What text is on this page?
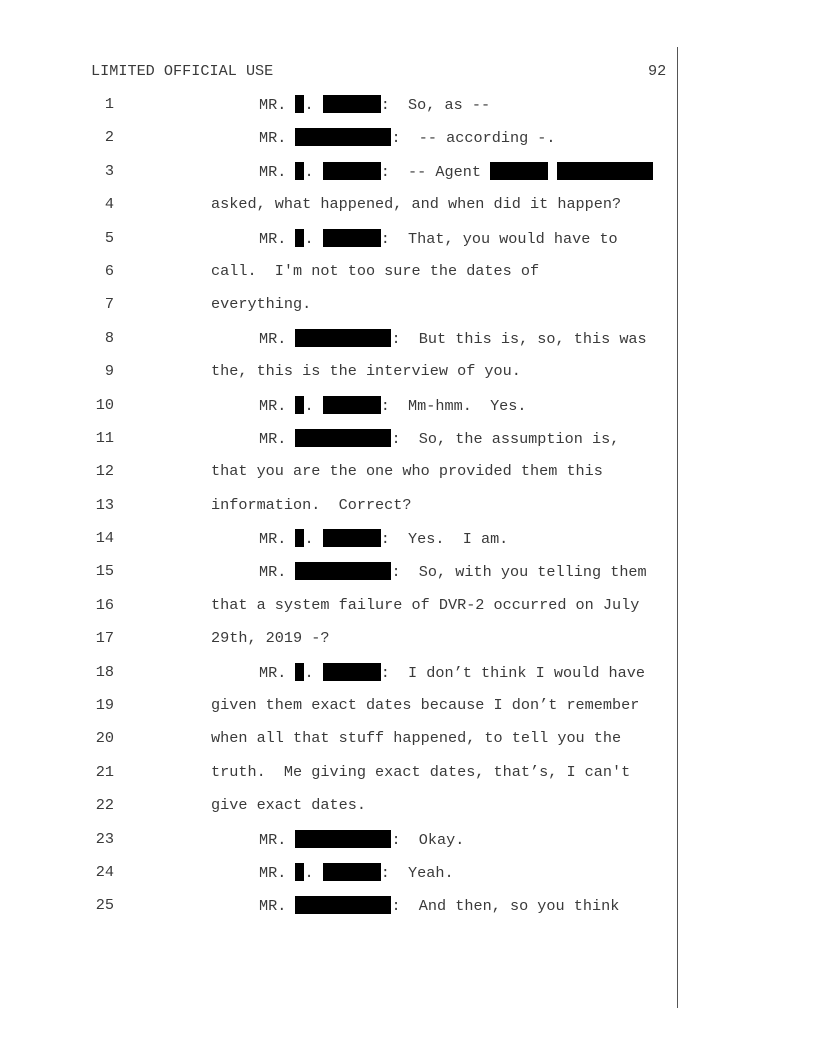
LIMITED OFFICIAL USE	92
1	MR. .	:  So, as --
2	MR.	:  -- according -.
3	MR. .	:  -- Agent
4	asked, what happened, and when did it happen?
5	MR. .	:  That, you would have to
6	call.  I'm not too sure the dates of
7	everything.
8	MR.	:  But this is, so, this was
9	the, this is the interview of you.
10	MR. .	:  Mm-hmm.  Yes.
11	MR.	:  So, the assumption is,
12	that you are the one who provided them this
13	information.  Correct?
14	MR. .	:  Yes.  I am.
15	MR.	:  So, with you telling them
16	that a system failure of DVR-2 occurred on July
17	29th, 2019 -?
18	MR. .	:  I don’t think I would have
19	given them exact dates because I don’t remember
20	when all that stuff happened, to tell you the
21	truth.  Me giving exact dates, that’s, I can't
22	give exact dates.
23	MR.	:  Okay.
24	MR. .	:  Yeah.
25	MR.	:  And then, so you think
